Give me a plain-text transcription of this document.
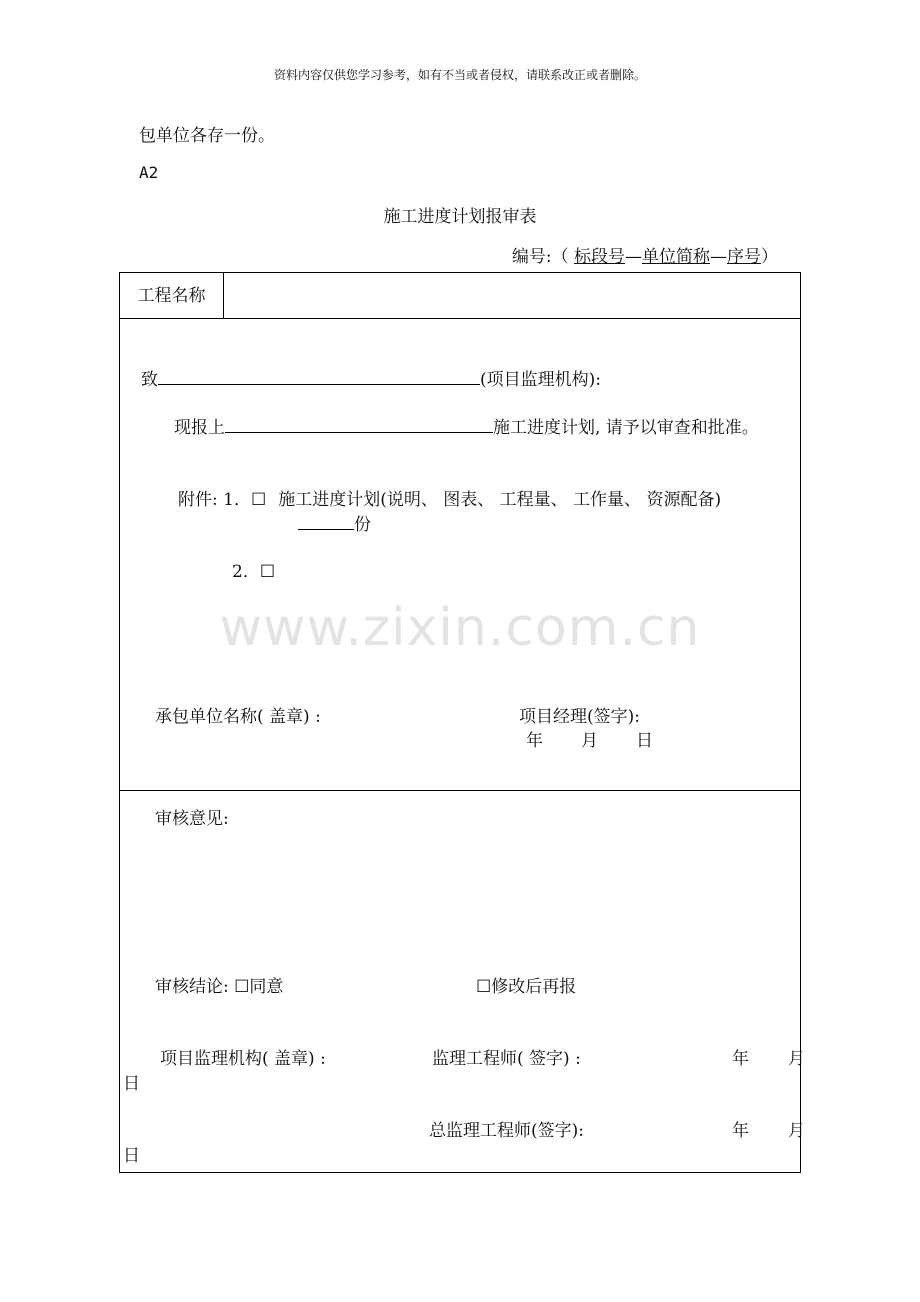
资料内容仅供您学习参考，如有不当或者侵权，请联系改正或者删除。
包单位各存一份。
A2
施工进度计划报审表
编号:（ 标段号—单位简称—序号）
工程名称
致	(项目监理机构):
现报上	施工进度计划, 请予以审查和批准。
附件: 1．☐ 施工进度计划(说明、 图表、 工程量、 工作量、 资源配备)
份
2．☐
承包单位名称( 盖章) :	项目经理(签字):
年 月 日
审核意见:
审核结论: ☐同意	☐修改后再报
项目监理机构( 盖章) :	监理工程师( 签字) :	年 月
日
总监理工程师(签字):	年 月
日
www.zixin.com.cn
